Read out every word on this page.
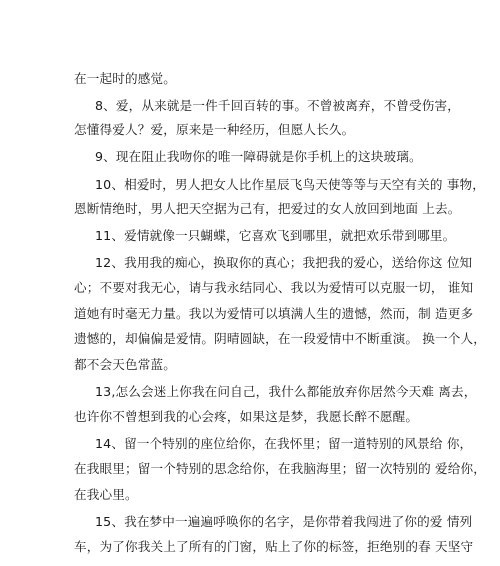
在一起时的感觉。
8、爱，从来就是一件千回百转的事。不曾被离弃，不曾受伤害，
怎懂得爱人？爱，原来是一种经历，但愿人长久。
9、现在阻止我吻你的唯一障碍就是你手机上的这块玻璃。
10、相爱时，男人把女人比作星辰飞鸟天使等等与天空有关的 事物，
恩断情绝时，男人把天空据为己有，把爱过的女人放回到地面 上去。
11、爱情就像一只蝴蝶，它喜欢飞到哪里，就把欢乐带到哪里。
12、我用我的痴心，换取你的真心；我把我的爱心，送给你这 位知
心；不要对我无心，请与我永结同心、我以为爱情可以克服一切， 谁知
道她有时毫无力量。我以为爱情可以填满人生的遗憾，然而，制 造更多
遗憾的，却偏偏是爱情。阴晴圆缺，在一段爱情中不断重演。 换一个人，
都不会天色常蓝。
13,怎么会迷上你我在问自己，我什么都能放弃你居然今天难 离去，
也许你不曾想到我的心会疼，如果这是梦，我愿长醉不愿醒。
14、留一个特别的座位给你，在我怀里；留一道特别的风景给 你，
在我眼里；留一个特别的思念给你，在我脑海里；留一次特别的 爱给你，
在我心里。
15、我在梦中一遍遍呼唤你的名字，是你带着我闯进了你的爱 情列
车，为了你我关上了所有的门窗，贴上了你的标签，拒绝别的春 天坚守
